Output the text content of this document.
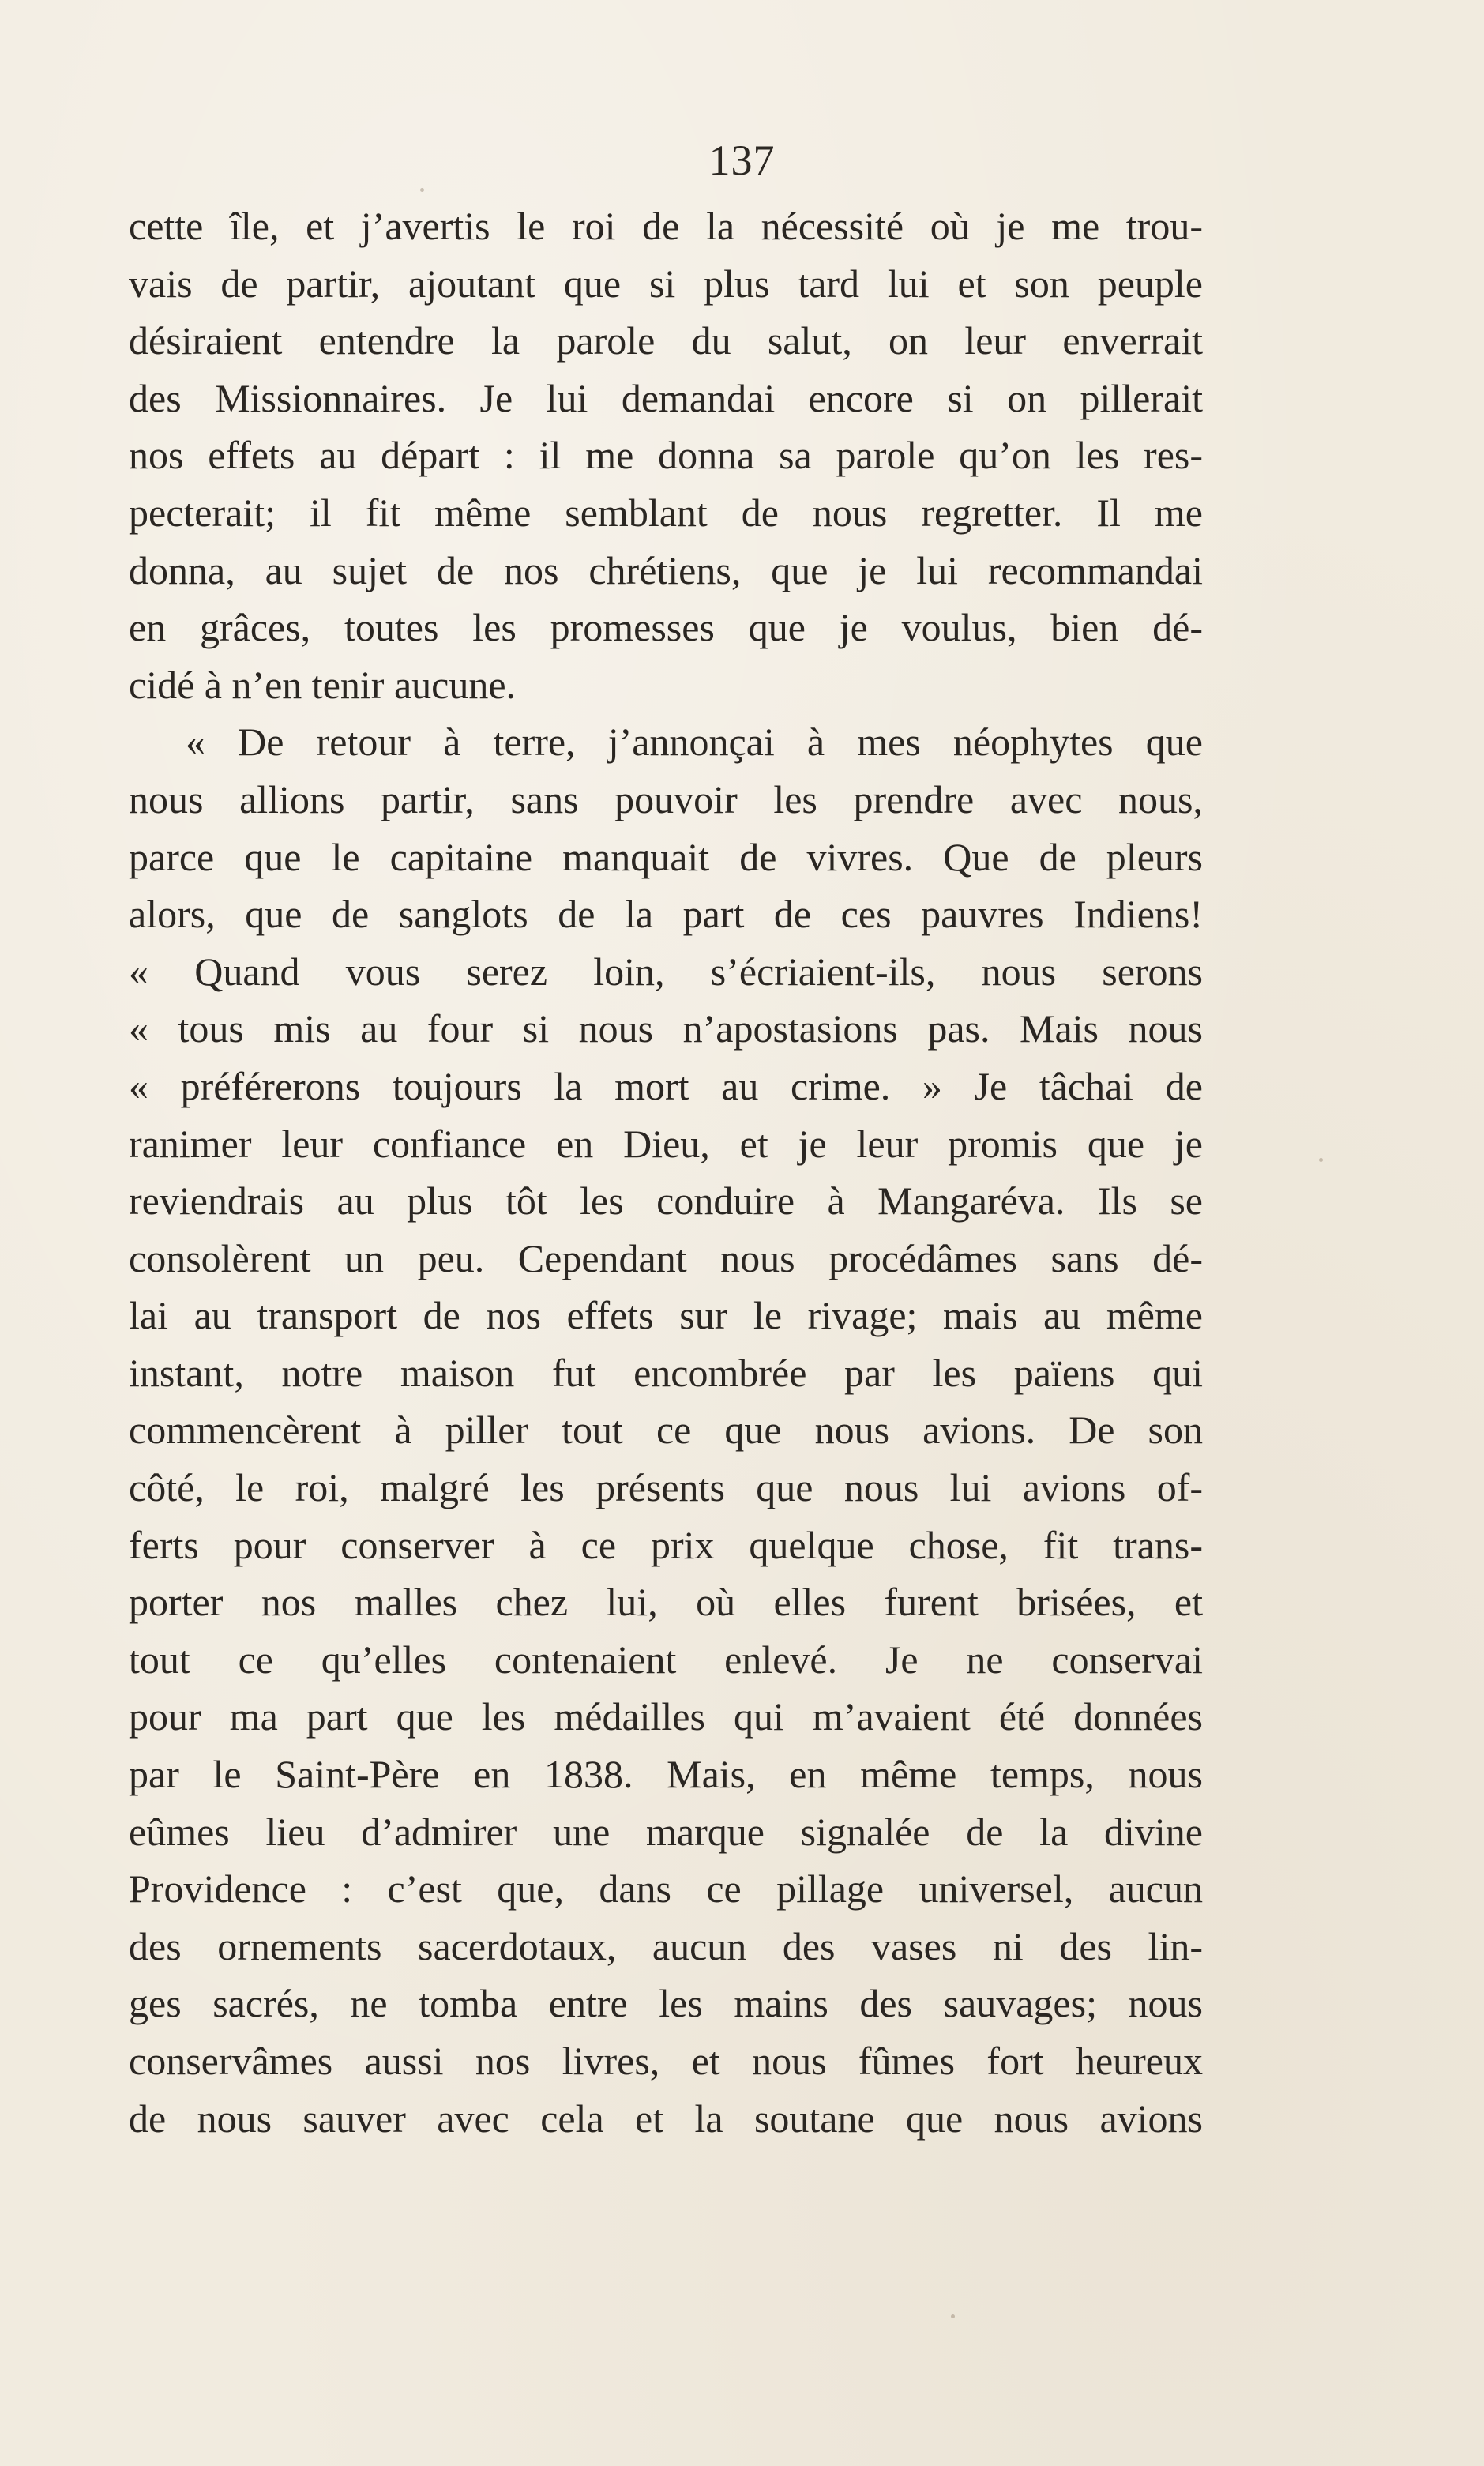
137
cette île, et j’avertis le roi de la nécessité où je me trou-
vais de partir, ajoutant que si plus tard lui et son peuple
désiraient entendre la parole du salut, on leur enverrait
des Missionnaires. Je lui demandai encore si on pillerait
nos effets au départ : il me donna sa parole qu’on les res-
pecterait; il fit même semblant de nous regretter. Il me
donna, au sujet de nos chrétiens, que je lui recommandai
en grâces, toutes les promesses que je voulus, bien dé-
cidé à n’en tenir aucune.
« De retour à terre, j’annonçai à mes néophytes que
nous allions partir, sans pouvoir les prendre avec nous,
parce que le capitaine manquait de vivres. Que de pleurs
alors, que de sanglots de la part de ces pauvres Indiens!
« Quand vous serez loin, s’écriaient-ils, nous serons
« tous mis au four si nous n’apostasions pas. Mais nous
« préférerons toujours la mort au crime. » Je tâchai de
ranimer leur confiance en Dieu, et je leur promis que je
reviendrais au plus tôt les conduire à Mangaréva. Ils se
consolèrent un peu. Cependant nous procédâmes sans dé-
lai au transport de nos effets sur le rivage; mais au même
instant, notre maison fut encombrée par les païens qui
commencèrent à piller tout ce que nous avions. De son
côté, le roi, malgré les présents que nous lui avions of-
ferts pour conserver à ce prix quelque chose, fit trans-
porter nos malles chez lui, où elles furent brisées, et
tout ce qu’elles contenaient enlevé. Je ne conservai
pour ma part que les médailles qui m’avaient été données
par le Saint-Père en 1838. Mais, en même temps, nous
eûmes lieu d’admirer une marque signalée de la divine
Providence : c’est que, dans ce pillage universel, aucun
des ornements sacerdotaux, aucun des vases ni des lin-
ges sacrés, ne tomba entre les mains des sauvages; nous
conservâmes aussi nos livres, et nous fûmes fort heureux
de nous sauver avec cela et la soutane que nous avions
